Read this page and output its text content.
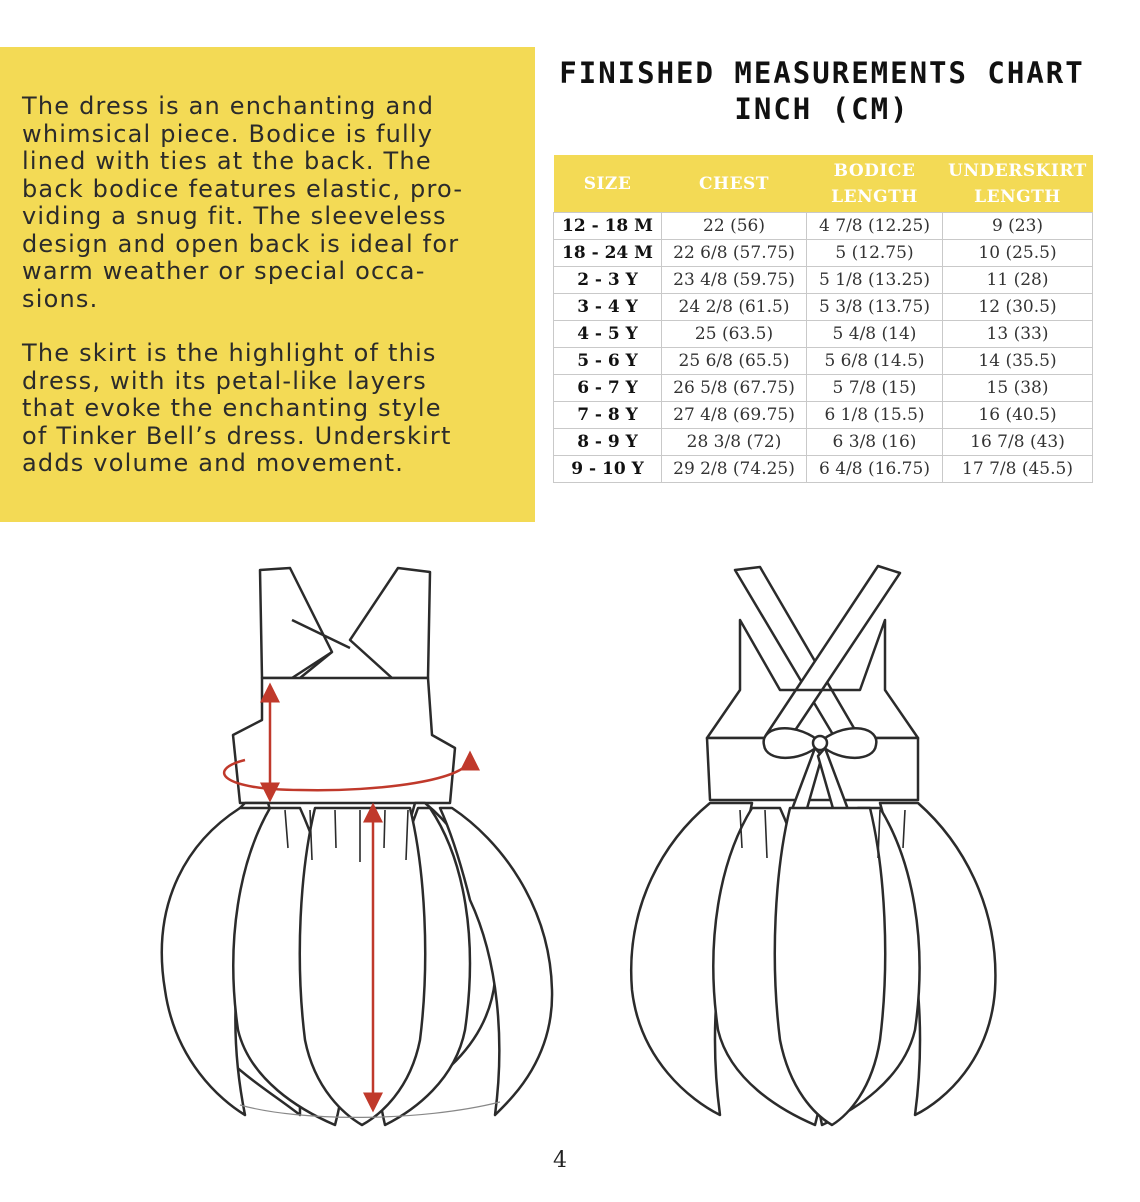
The dress is an enchanting and
whimsical piece. Bodice is fully
lined with ties at the back. The
back bodice features elastic, pro-
viding a snug fit. The sleeveless
design and open back is ideal for
warm weather or special occa-
sions.

The skirt is the highlight of this
dress, with its petal-like layers
that evoke the enchanting style
of Tinker Bell’s dress. Underskirt
adds volume and movement.

FINISHED MEASUREMENTS CHART
INCH (CM)
SIZE	CHEST	BODICE LENGTH	UNDERSKIRT LENGTH
12 - 18 M	22 (56)	4 7/8 (12.25)	9 (23)
18 - 24 M	22 6/8 (57.75)	5 (12.75)	10 (25.5)
2 - 3 Y	23 4/8 (59.75)	5 1/8 (13.25)	11 (28)
3 - 4 Y	24 2/8 (61.5)	5 3/8 (13.75)	12 (30.5)
4 - 5 Y	25 (63.5)	5 4/8 (14)	13 (33)
5 - 6 Y	25 6/8 (65.5)	5 6/8 (14.5)	14 (35.5)
6 - 7 Y	26 5/8 (67.75)	5 7/8 (15)	15 (38)
7 - 8 Y	27 4/8 (69.75)	6 1/8 (15.5)	16 (40.5)
8 - 9 Y	28 3/8 (72)	6 3/8 (16)	16 7/8 (43)
9 - 10 Y	29 2/8 (74.25)	6 4/8 (16.75)	17 7/8 (45.5)
4
